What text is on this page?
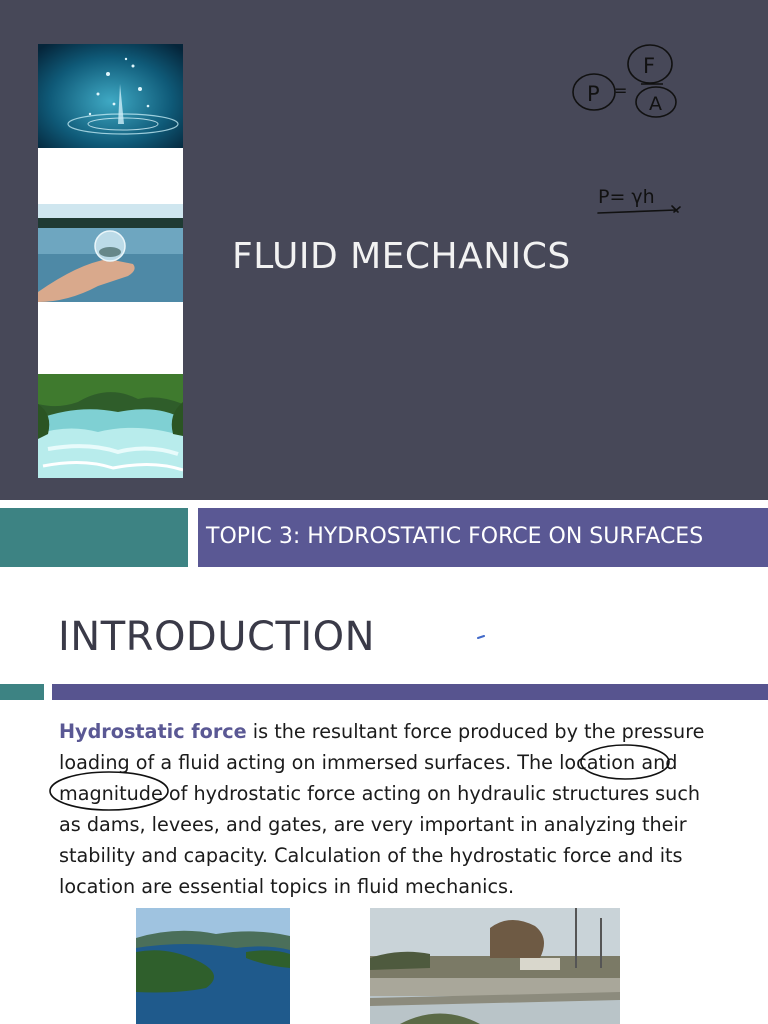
FLUID MECHANICS
TOPIC 3: HYDROSTATIC FORCE ON SURFACES
INTRODUCTION
Hydrostatic force is the resultant force produced by the pressure
loading of a fluid acting on immersed surfaces. The location and
magnitude of hydrostatic force acting on hydraulic structures such
as dams, levees, and gates, are very important in analyzing their
stability and capacity. Calculation of the hydrostatic force and its
location are essential topics in fluid mechanics.
F
P =
A
P= γh
